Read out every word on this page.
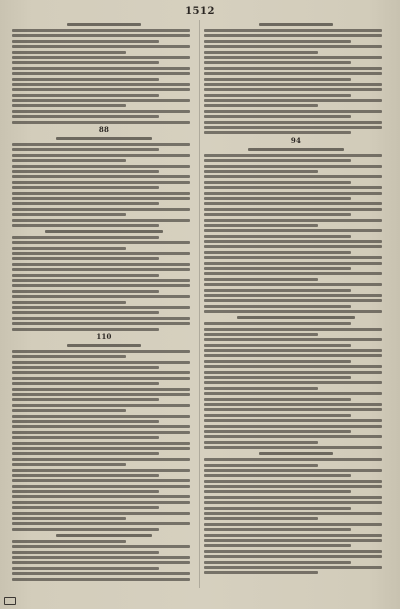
1512
88
110
94
